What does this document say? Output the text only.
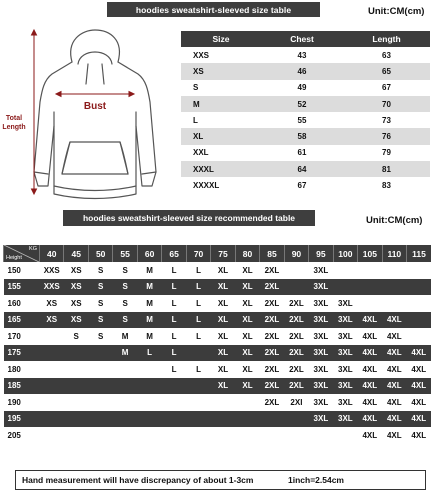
hoodies sweatshirt-sleeved size table	Unit:CM(cm)
Bust
Total
Length
Size	Chest	Length
XXS	43	63
XS	46	65
S	49	67
M	52	70
L	55	73
XL	58	76
XXL	61	79
XXXL	64	81
XXXXL	67	83
hoodies sweatshirt-sleeved size recommended table	Unit:CM(cm)
KG
Height	40	45	50	55	60	65	70	75	80	85	90	95	100	105	110	115
150	XXS	XS	S	S	M	L	L	XL	XL	2XL		3XL				
155	XXS	XS	S	S	M	L	L	XL	XL	2XL		3XL				
160	XS	XS	S	S	M	L	L	XL	XL	2XL	2XL	3XL	3XL			
165	XS	XS	S	S	M	L	L	XL	XL	2XL	2XL	3XL	3XL	4XL	4XL	
170		S	S	M	M	L	L	XL	XL	2XL	2XL	3XL	3XL	4XL	4XL	
175				M	L	L		XL	XL	2XL	2XL	3XL	3XL	4XL	4XL	4XL
180						L	L	XL	XL	2XL	2XL	3XL	3XL	4XL	4XL	4XL
185								XL	XL	2XL	2XL	3XL	3XL	4XL	4XL	4XL
190										2XL	2XI	3XL	3XL	4XL	4XL	4XL
195												3XL	3XL	4XL	4XL	4XL
205														4XL	4XL	4XL
Hand measurement will have discrepancy of about 1-3cm	1inch=2.54cm
